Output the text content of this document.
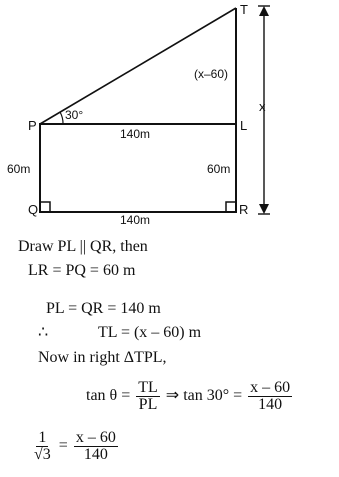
T
P	L
Q	R
30°
140m
140m
60m	60m
(x–60)
x
Draw PL || QR, then
LR = PQ = 60 m
PL = QR = 140 m
∴	TL = (x – 60) m
Now in right ΔTPL,
$\tan \theta = \frac{TL}{PL}$ ⇒ $\tan 30^\circ = \frac{x - 60}{140}$
$\frac{1}{√3} = \frac{x - 60}{140}$
